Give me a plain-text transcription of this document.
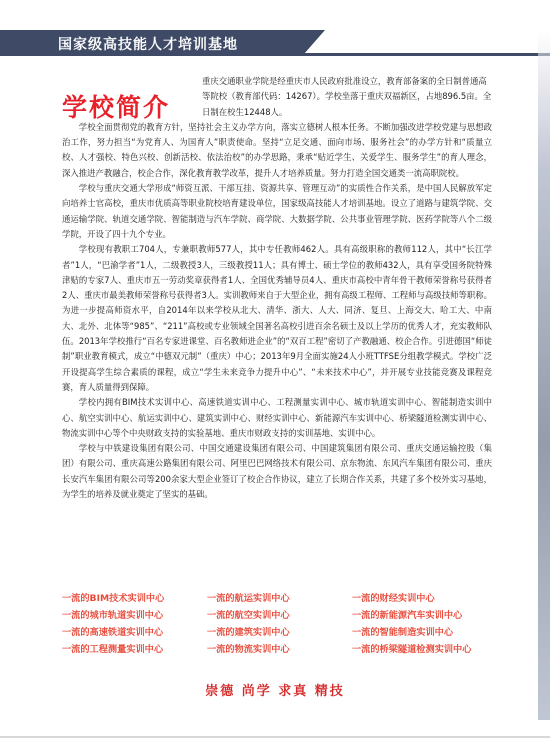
国家级高技能人才培训基地
学校简介

重庆交通职业学院是经重庆市人民政府批准设立，教育部备案的全日制普通高等院校（教育部代码：14267）。学校坐落于重庆双福新区，占地896.5亩。全日制在校生12448人。

学校全面贯彻党的教育方针，坚持社会主义办学方向，落实立德树人根本任务。不断加强改进学校党建与思想政治工作，努力担当“为党育人、为国育人”职责使命。坚持“立足交通、面向市场、服务社会”的办学方针和“质量立校、人才强校、特色兴校、创新活校、依法治校”的办学思路，秉承“贴近学生、关爱学生、服务学生”的育人理念，深入推进产教融合，校企合作，深化教育教学改革，提升人才培养质量。努力打造全国交通类一流高职院校。

学校与重庆交通大学形成“师资互派、干部互挂、资源共享、管理互动”的实质性合作关系，是中国人民解放军定向培养士官高校，重庆市优质高等职业院校培育建设单位，国家级高技能人才培训基地。设立了道路与建筑学院、交通运输学院、轨道交通学院、智能制造与汽车学院、商学院、大数据学院、公共事业管理学院、医药学院等八个二级学院，开设了四十九个专业。

学校现有教职工704人，专兼职教师577人，其中专任教师462人。具有高级职称的教师112人，其中“长江学者”1人，“巴渝学者”1人，二级教授3人，三级教授11人；具有博士、硕士学位的教师432人，具有享受国务院特殊津贴的专家7人、重庆市五一劳动奖章获得者1人、全国优秀辅导员4人、重庆市高校中青年骨干教师荣誉称号获得者2人、重庆市最美教师荣誉称号获得者3人。实训教师来自于大型企业，拥有高级工程师、工程师与高级技师等职称。为进一步提高师资水平，自2014年以来学校从北大、清华、浙大、人大、同济、复旦、上海交大、哈工大、中南大、北外、北体等“985”、“211”高校或专业领域全国著名高校引进百余名硕士及以上学历的优秀人才，充实教师队伍。2013年学校推行“百名专家进课堂、百名教师进企业”的“双百工程”密切了产教融通、校企合作。引进德国“师徒制”职业教育模式，成立“中德双元制”（重庆）中心；2013年9月全面实施24人小班TTFSE分组教学模式。学校广泛开设提高学生综合素质的课程，成立“学生未来竞争力提升中心”、“未来技术中心”，并开展专业技能竞赛及课程竞赛，育人质量得到保障。

学校内拥有BIM技术实训中心、高速铁道实训中心、工程测量实训中心、城市轨道实训中心、智能制造实训中心、航空实训中心、航运实训中心、建筑实训中心、财经实训中心、新能源汽车实训中心、桥梁隧道检测实训中心、物流实训中心等个中央财政支持的实验基地、重庆市财政支持的实训基地、实训中心。

学校与中铁建设集团有限公司、中国交通建设集团有限公司、中国建筑集团有限公司、重庆交通运输控股（集团）有限公司、重庆高速公路集团有限公司、阿里巴巴网络技术有限公司、京东物流、东风汽车集团有限公司、重庆长安汽车集团有限公司等200余家大型企业签订了校企合作协议，建立了长期合作关系，共建了多个校外实习基地，为学生的培养及就业奠定了坚实的基础。

一流的BIM技术实训中心	一流的航运实训中心	一流的财经实训中心
一流的城市轨道实训中心	一流的航空实训中心	一流的新能源汽车实训中心
一流的高速铁道实训中心	一流的建筑实训中心	一流的智能制造实训中心
一流的工程测量实训中心	一流的物流实训中心	一流的桥梁隧道检测实训中心
崇德 尚学 求真 精技
